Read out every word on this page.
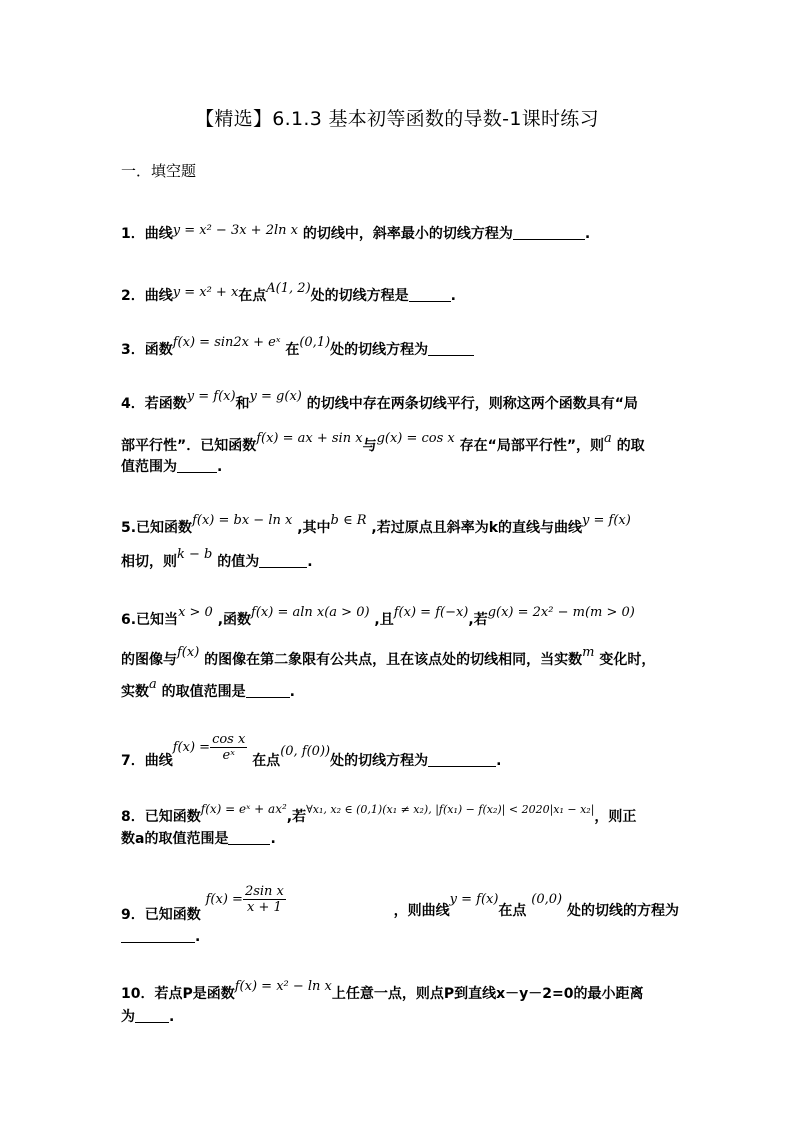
【精选】6.1.3 基本初等函数的导数-1课时练习
一．填空题
1．曲线y = x² − 3x + 2ln x 的切线中，斜率最小的切线方程为	.
2．曲线y = x² + x在点A(1, 2)处的切线方程是	.
3．函数f(x) = sin2x + eˣ 在(0,1)处的切线方程为
4．若函数y = f(x)和y = g(x) 的切线中存在两条切线平行，则称这两个函数具有“局
部平行性”．已知函数f(x) = ax + sin x与g(x) = cos x 存在“局部平行性”，则a 的取
值范围为	.
5.已知函数f(x) = bx − ln x ,其中b ∈ R ,若过原点且斜率为k的直线与曲线y = f(x)
相切，则k − b 的值为	.
6.已知当x > 0 ,函数f(x) = aln x(a > 0) ,且f(x) = f(−x),若g(x) = 2x² − m(m > 0)
的图像与f(x) 的图像在第二象限有公共点，且在该点处的切线相同，当实数m 变化时，
实数a 的取值范围是	.
7．曲线$f(x) = \frac{\text{cos x}}{\text{eˣ}}$ 在点(0, f(0))处的切线方程为	.
8．已知函数f(x) = eˣ + ax²,若$^{\forall x_1, x_2 \in (0,1)(x_1 \ne x_2), |f(x_1) - f(x_2)| < 2020|x_1 - x_2|}$，则正
数a的取值范围是	.
9．已知函数 $f(x) = \frac{\text{2sin x}}{x + 1}$	，则曲线y = f(x)在点 (0,0) 处的切线的方程为
.
10．若点P是函数f(x) = x² − ln x上任意一点，则点P到直线x－y－2=0的最小距离
为 .
